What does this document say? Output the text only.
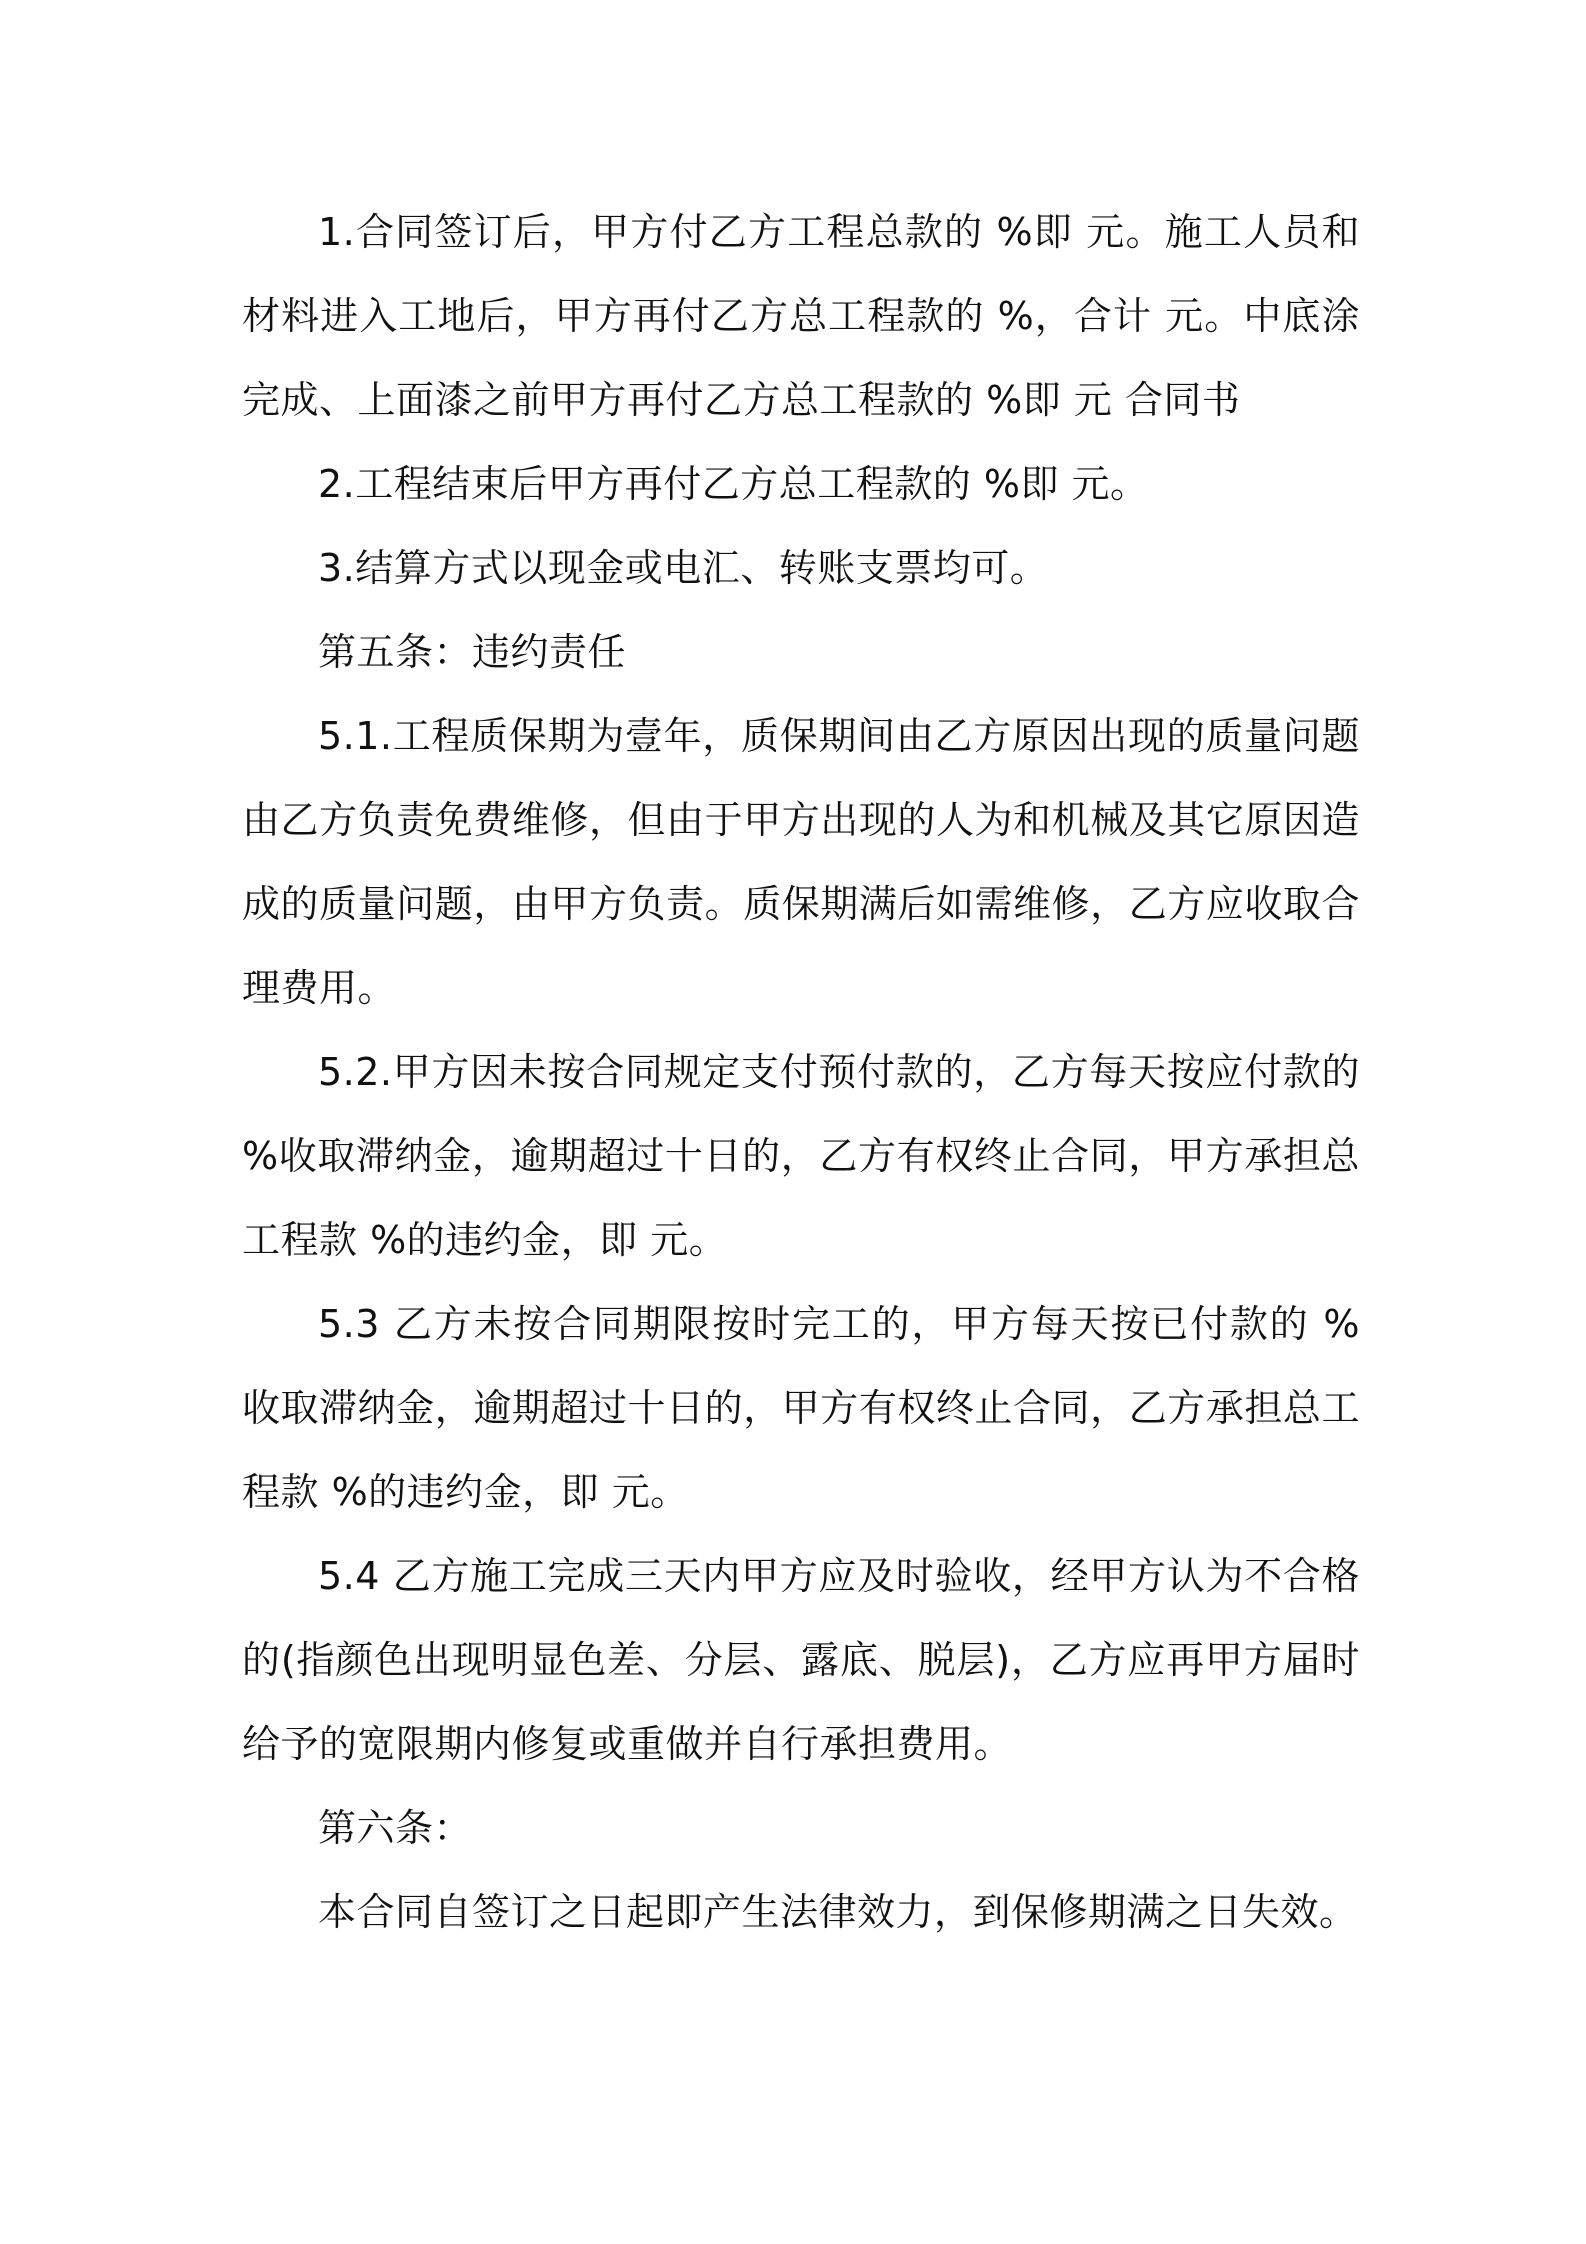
1.合同签订后，甲方付乙方工程总款的 %即 元。施工人员和材料进入工地后，甲方再付乙方总工程款的 %，合计 元。中底涂完成、上面漆之前甲方再付乙方总工程款的 %即 元 合同书

2.工程结束后甲方再付乙方总工程款的 %即 元。

3.结算方式以现金或电汇、转账支票均可。

第五条：违约责任

5.1.工程质保期为壹年，质保期间由乙方原因出现的质量问题由乙方负责免费维修，但由于甲方出现的人为和机械及其它原因造成的质量问题，由甲方负责。质保期满后如需维修，乙方应收取合理费用。

5.2.甲方因未按合同规定支付预付款的，乙方每天按应付款的 %收取滞纳金，逾期超过十日的，乙方有权终止合同，甲方承担总工程款 %的违约金，即 元。

5.3 乙方未按合同期限按时完工的，甲方每天按已付款的 %收取滞纳金，逾期超过十日的，甲方有权终止合同，乙方承担总工程款 %的违约金，即 元。

5.4 乙方施工完成三天内甲方应及时验收，经甲方认为不合格的(指颜色出现明显色差、分层、露底、脱层)，乙方应再甲方届时给予的宽限期内修复或重做并自行承担费用。

第六条：

本合同自签订之日起即产生法律效力，到保修期满之日失效。
